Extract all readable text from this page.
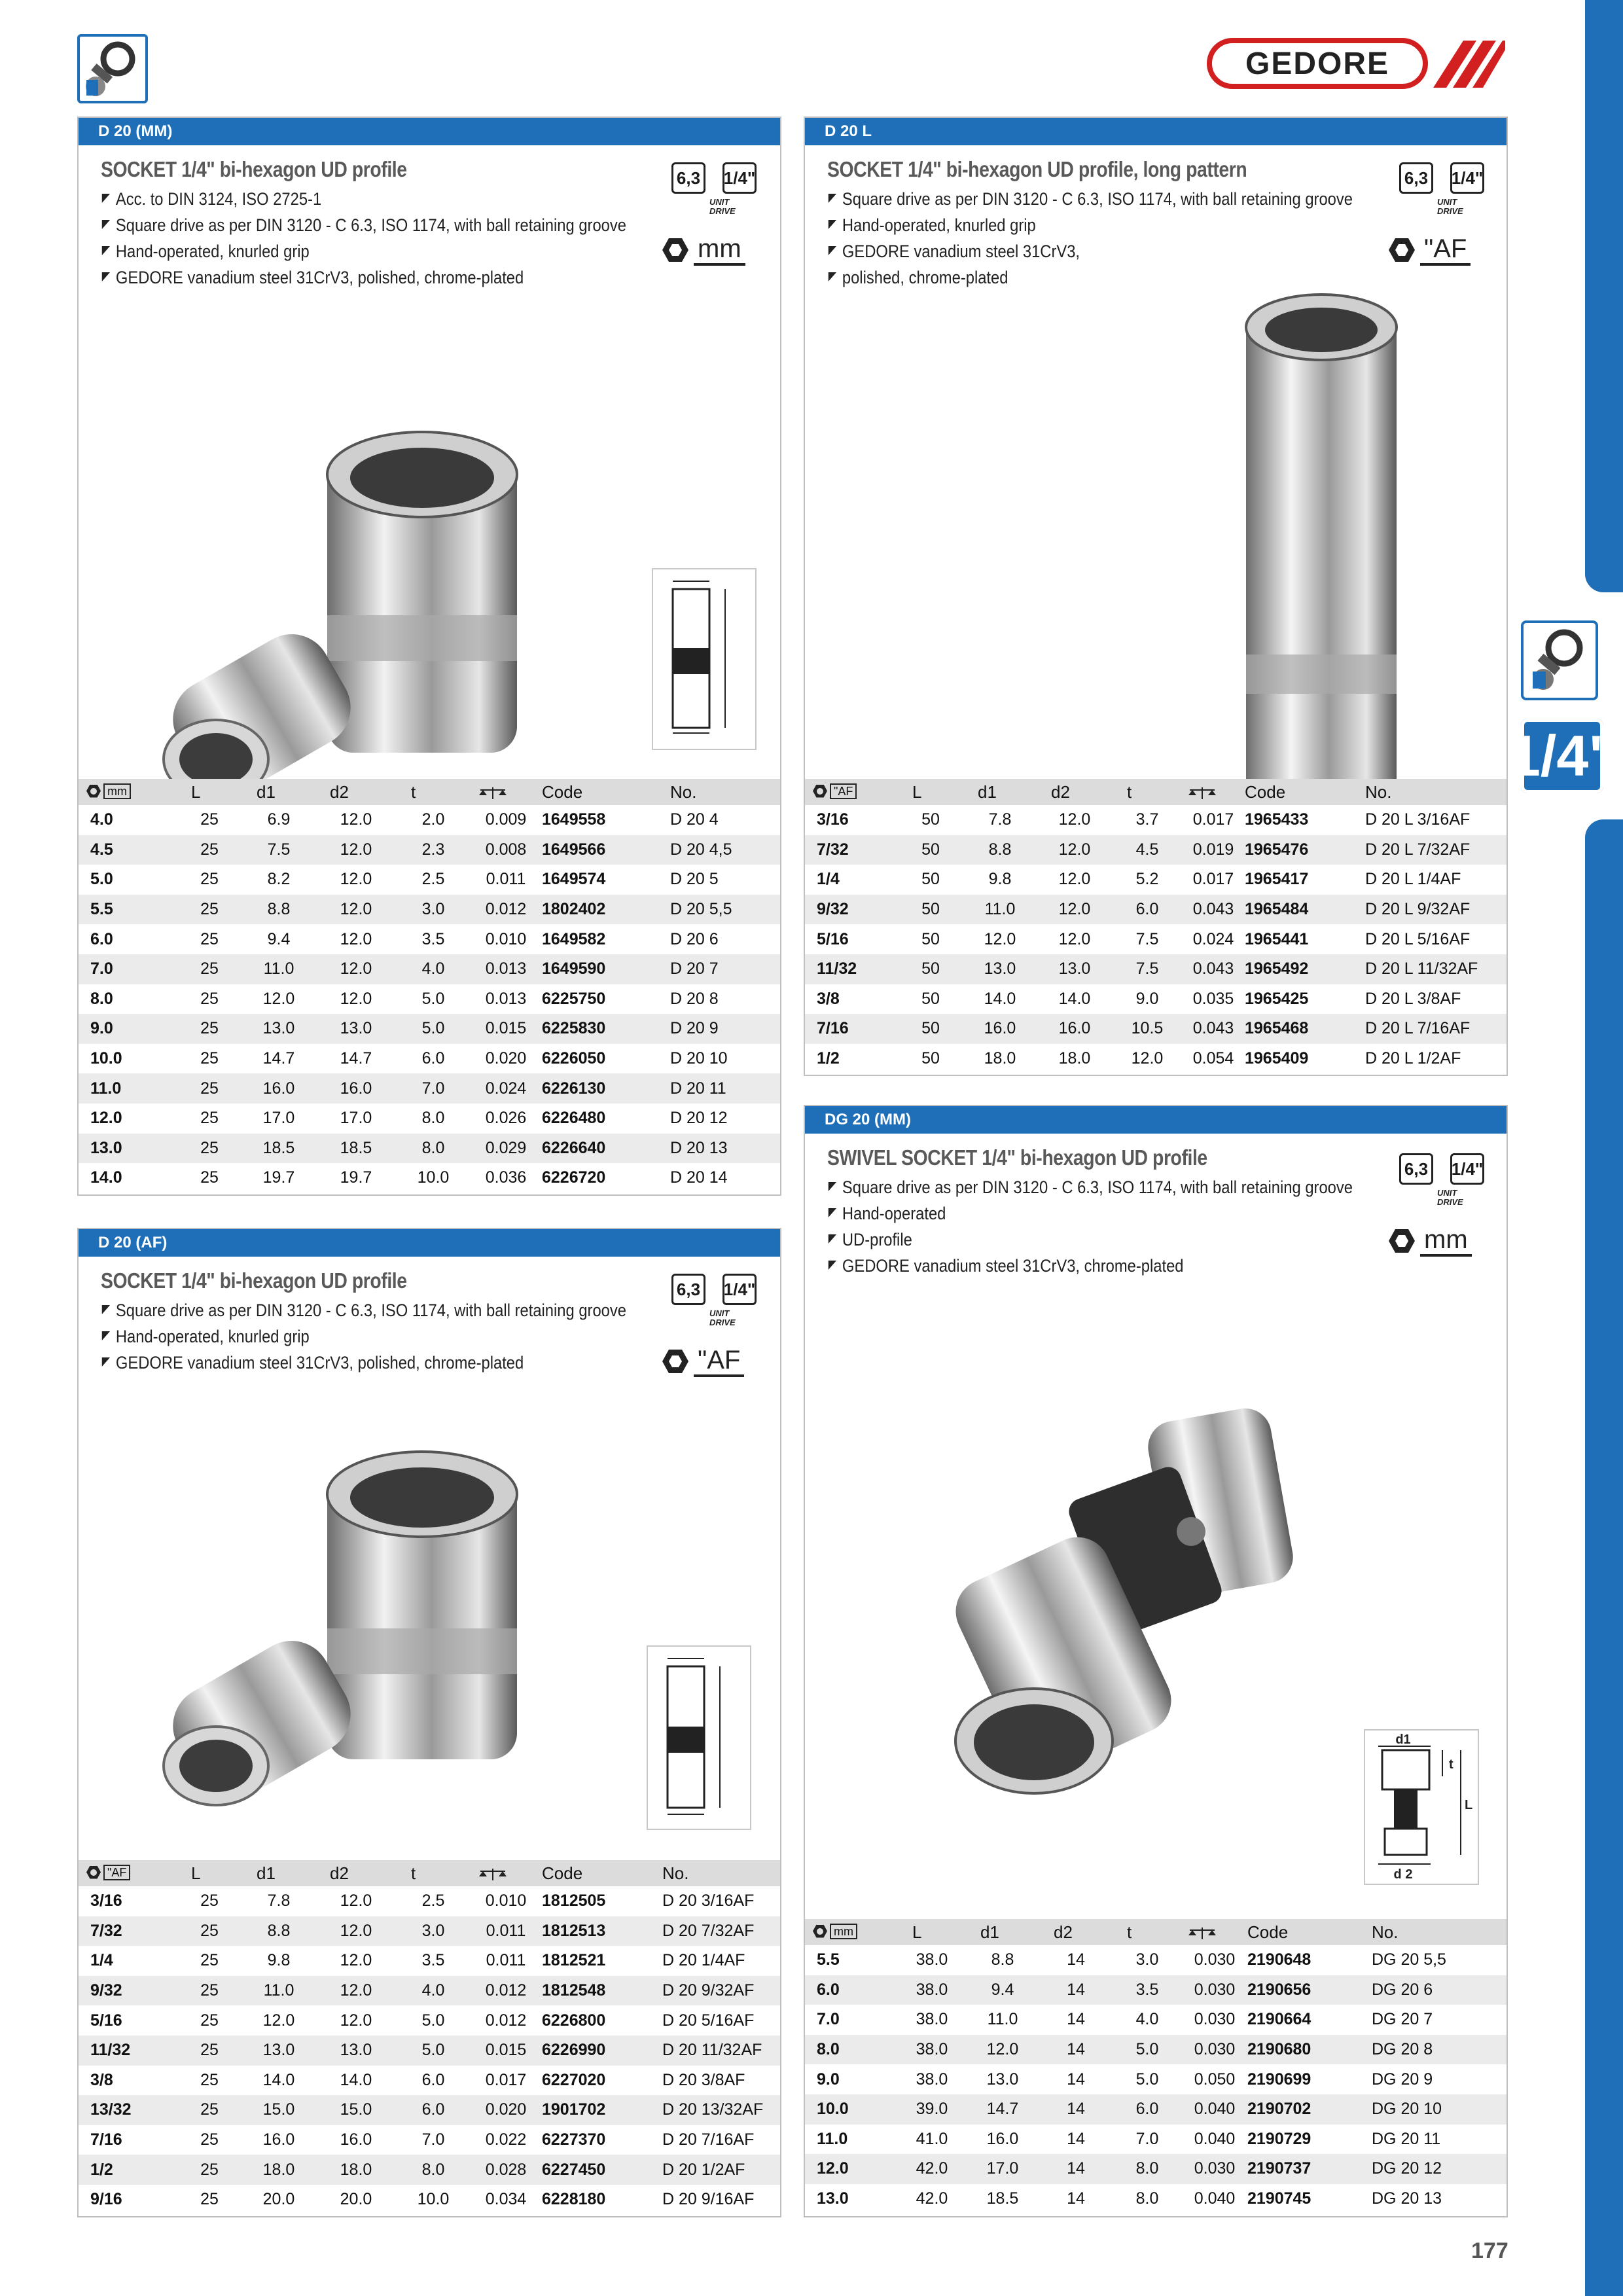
1/4"
GEDORE
D 20 (MM)
SOCKET 1/4" bi-hexagon UD profile
Acc. to DIN 3124, ISO 2725-1
Square drive as per DIN 3120 - C 6.3, ISO 1174, with ball retaining groove
Hand-operated, knurled grip
GEDORE vanadium steel 31CrV3, polished, chrome-plated
6,3	1/4"
UNIT DRIVE
mm
mm	L	d1	d2	t		Code	No.
4.0	25	6.9	12.0	2.0	0.009	1649558	D 20 4
4.5	25	7.5	12.0	2.3	0.008	1649566	D 20 4,5
5.0	25	8.2	12.0	2.5	0.011	1649574	D 20 5
5.5	25	8.8	12.0	3.0	0.012	1802402	D 20 5,5
6.0	25	9.4	12.0	3.5	0.010	1649582	D 20 6
7.0	25	11.0	12.0	4.0	0.013	1649590	D 20 7
8.0	25	12.0	12.0	5.0	0.013	6225750	D 20 8
9.0	25	13.0	13.0	5.0	0.015	6225830	D 20 9
10.0	25	14.7	14.7	6.0	0.020	6226050	D 20 10
11.0	25	16.0	16.0	7.0	0.024	6226130	D 20 11
12.0	25	17.0	17.0	8.0	0.026	6226480	D 20 12
13.0	25	18.5	18.5	8.0	0.029	6226640	D 20 13
14.0	25	19.7	19.7	10.0	0.036	6226720	D 20 14
D 20 (AF)
SOCKET 1/4" bi-hexagon UD profile
Square drive as per DIN 3120 - C 6.3, ISO 1174, with ball retaining groove
Hand-operated, knurled grip
GEDORE vanadium steel 31CrV3, polished, chrome-plated
6,3	1/4"
UNIT DRIVE
"AF
"AF	L	d1	d2	t		Code	No.
3/16	25	7.8	12.0	2.5	0.010	1812505	D 20 3/16AF
7/32	25	8.8	12.0	3.0	0.011	1812513	D 20 7/32AF
1/4	25	9.8	12.0	3.5	0.011	1812521	D 20 1/4AF
9/32	25	11.0	12.0	4.0	0.012	1812548	D 20 9/32AF
5/16	25	12.0	12.0	5.0	0.012	6226800	D 20 5/16AF
11/32	25	13.0	13.0	5.0	0.015	6226990	D 20 11/32AF
3/8	25	14.0	14.0	6.0	0.017	6227020	D 20 3/8AF
13/32	25	15.0	15.0	6.0	0.020	1901702	D 20 13/32AF
7/16	25	16.0	16.0	7.0	0.022	6227370	D 20 7/16AF
1/2	25	18.0	18.0	8.0	0.028	6227450	D 20 1/2AF
9/16	25	20.0	20.0	10.0	0.034	6228180	D 20 9/16AF
D 20 L
SOCKET 1/4" bi-hexagon UD profile, long pattern
Square drive as per DIN 3120 - C 6.3, ISO 1174, with ball retaining groove
Hand-operated, knurled grip
GEDORE vanadium steel 31CrV3,
polished, chrome-plated
6,3	1/4"
UNIT DRIVE
"AF
"AF	L	d1	d2	t		Code	No.
3/16	50	7.8	12.0	3.7	0.017	1965433	D 20 L 3/16AF
7/32	50	8.8	12.0	4.5	0.019	1965476	D 20 L 7/32AF
1/4	50	9.8	12.0	5.2	0.017	1965417	D 20 L 1/4AF
9/32	50	11.0	12.0	6.0	0.043	1965484	D 20 L 9/32AF
5/16	50	12.0	12.0	7.5	0.024	1965441	D 20 L 5/16AF
11/32	50	13.0	13.0	7.5	0.043	1965492	D 20 L 11/32AF
3/8	50	14.0	14.0	9.0	0.035	1965425	D 20 L 3/8AF
7/16	50	16.0	16.0	10.5	0.043	1965468	D 20 L 7/16AF
1/2	50	18.0	18.0	12.0	0.054	1965409	D 20 L 1/2AF
DG 20 (MM)
SWIVEL SOCKET 1/4" bi-hexagon UD profile
Square drive as per DIN 3120 - C 6.3, ISO 1174, with ball retaining groove
Hand-operated
UD-profile
GEDORE vanadium steel 31CrV3, chrome-plated
6,3	1/4"
UNIT DRIVE
mm
d1
d 2
t
L
mm	L	d1	d2	t		Code	No.
5.5	38.0	8.8	14	3.0	0.030	2190648	DG 20 5,5
6.0	38.0	9.4	14	3.5	0.030	2190656	DG 20 6
7.0	38.0	11.0	14	4.0	0.030	2190664	DG 20 7
8.0	38.0	12.0	14	5.0	0.030	2190680	DG 20 8
9.0	38.0	13.0	14	5.0	0.050	2190699	DG 20 9
10.0	39.0	14.7	14	6.0	0.040	2190702	DG 20 10
11.0	41.0	16.0	14	7.0	0.040	2190729	DG 20 11
12.0	42.0	17.0	14	8.0	0.030	2190737	DG 20 12
13.0	42.0	18.5	14	8.0	0.040	2190745	DG 20 13
177
